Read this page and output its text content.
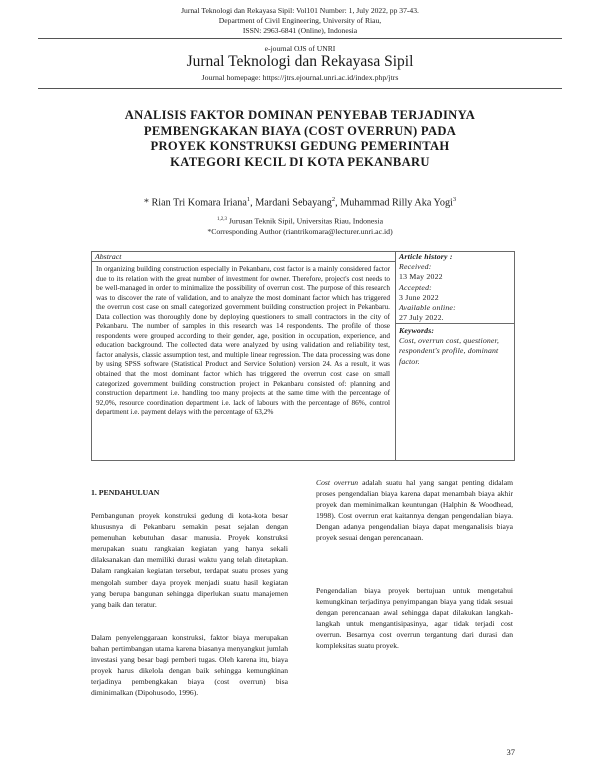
Jurnal Teknologi dan Rekayasa Sipil: Vol101 Number: 1, July 2022, pp 37-43.
Department of Civil Engineering, University of Riau,
ISSN: 2963-6841 (Online), Indonesia
e-journal OJS of UNRI
Jurnal Teknologi dan Rekayasa Sipil
Journal homepage: https://jtrs.ejournal.unri.ac.id/index.php/jtrs
ANALISIS FAKTOR DOMINAN PENYEBAB TERJADINYA
PEMBENGKAKAN BIAYA (COST OVERRUN) PADA
PROYEK KONSTRUKSI GEDUNG PEMERINTAH
KATEGORI KECIL DI KOTA PEKANBARU
* Rian Tri Komara Iriana$^1$, Mardani Sebayang$^2$, Muhammad Rilly Aka Yogi$^3$
$^{1,2,3}$ Jurusan Teknik Sipil, Universitas Riau, Indonesia
*Corresponding Author (riantrikomara@lecturer.unri.ac.id)
Abstract
In organizing building construction especially in Pekanbaru, cost factor is a mainly considered factor due to its relation with the great number of investment for owner. Therefore, project's cost needs to be well-managed in order to minimalize the possibility of overrun cost. The purpose of this research was to discover the rate of validation, and to analyze the most dominant factor which has triggered the overrun cost case on small categorized government building construction project in Pekanbaru. Data collection was thoroughly done by deploying questioners to small contractors in the city of Pekanbaru. The number of samples in this research was 14 respondents. The profile of those respondents were grouped according to their gender, age, position in occupation, experience, and education background. The collected data were analyzed by using validation and reliability test, factor analysis, classic assumption test, and multiple linear regression. The data processing was done by using SPSS software (Statistical Product and Service Solution) version 24. As a result, it was obtained that the most dominant factor which has triggered the overrun cost case on small categorized government building construction project in Pekanbaru consisted of: planning and construction department i.e. handling too many projects at the same time with the percentage of 92,0%, resource coordination department i.e. lack of labours with the percentage of 86%, control department i.e. payment delays with the percentage of 63,2%
Article history :
Received:
13 May 2022
Accepted:
3 June 2022
Available online:
27 July 2022.
Keywords:
Cost, overrun cost, questioner, respondent's profile, dominant factor.
1. PENDAHULUAN
Pembangunan proyek konstruksi gedung di kota-kota besar khususnya di Pekanbaru semakin pesat sejalan dengan pemenuhan kebutuhan dasar manusia. Proyek konstruksi merupakan suatu rangkaian kegiatan yang hanya sekali dilaksanakan dan memiliki durasi waktu yang telah ditetapkan. Dalam rangkaian kegiatan tersebut, terdapat suatu proses yang mengolah sumber daya proyek menjadi suatu hasil kegiatan yang berupa bangunan sehingga diperlukan suatu manajemen yang baik dan teratur.
Dalam penyelenggaraan konstruksi, faktor biaya merupakan bahan pertimbangan utama karena biasanya menyangkut jumlah investasi yang besar bagi pemberi tugas. Oleh karena itu, biaya proyek harus dikelola dengan baik sehingga kemungkinan terjadinya pembengkakan biaya (cost overrun) bisa diminimalkan (Dipohusodo, 1996).
Cost overrun adalah suatu hal yang sangat penting didalam proses pengendalian biaya karena dapat menambah biaya akhir proyek dan meminimalkan keuntungan (Halphin & Woodhead, 1998). Cost overrun erat kaitannya dengan pengendalian biaya. Dengan adanya pengendalian biaya dapat menganalisis biaya proyek sesuai dengan perencanaan.
Pengendalian biaya proyek bertujuan untuk mengetahui kemungkinan terjadinya penyimpangan biaya yang tidak sesuai dengan perencanaan awal sehingga dapat dilakukan langkah-langkah untuk mengantisipasinya, agar tidak terjadi cost overrun. Besarnya cost overrun tergantung dari durasi dan kompleksitas suatu proyek.
37
